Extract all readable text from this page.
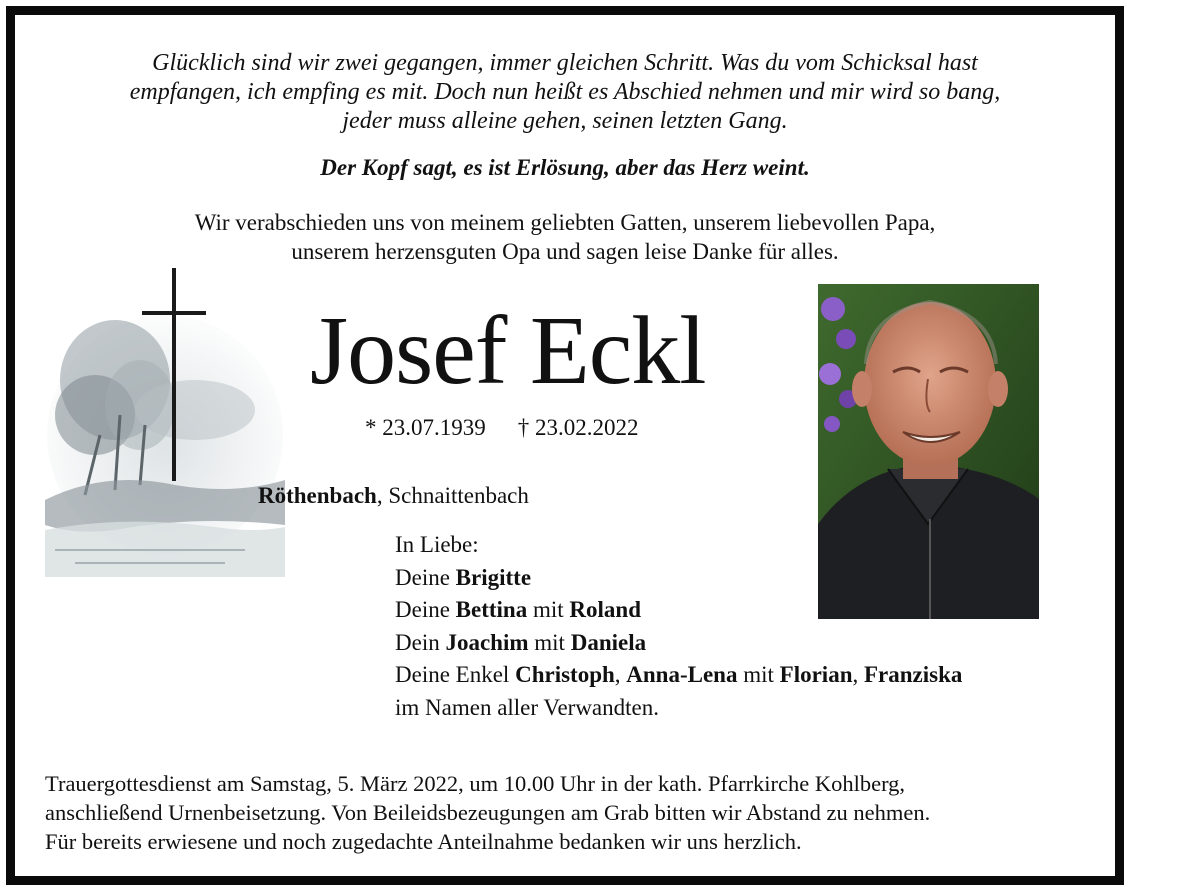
Glücklich sind wir zwei gegangen, immer gleichen Schritt. Was du vom Schicksal hast
empfangen, ich empfing es mit. Doch nun heißt es Abschied nehmen und mir wird so bang,
jeder muss alleine gehen, seinen letzten Gang.
Der Kopf sagt, es ist Erlösung, aber das Herz weint.
Wir verabschieden uns von meinem geliebten Gatten, unserem liebevollen Papa,
unserem herzensguten Opa und sagen leise Danke für alles.
Josef Eckl
* 23.07.1939 † 23.02.2022
Röthenbach, Schnaittenbach
In Liebe:
Deine Brigitte
Deine Bettina mit Roland
Dein Joachim mit Daniela
Deine Enkel Christoph, Anna-Lena mit Florian, Franziska
im Namen aller Verwandten.
Trauergottesdienst am Samstag, 5. März 2022, um 10.00 Uhr in der kath. Pfarrkirche Kohlberg,
anschließend Urnenbeisetzung. Von Beileidsbezeugungen am Grab bitten wir Abstand zu nehmen.
Für bereits erwiesene und noch zugedachte Anteilnahme bedanken wir uns herzlich.
